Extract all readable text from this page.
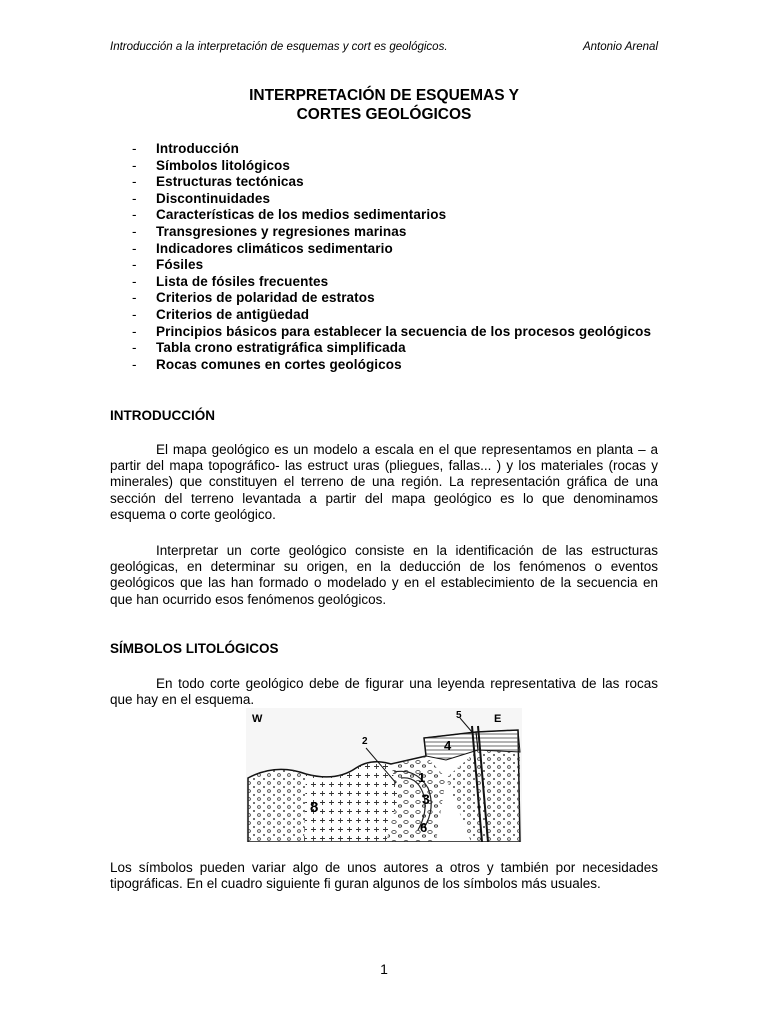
Introducción a la interpretación de esquemas y cort es geológicos.	Antonio Arenal
INTERPRETACIÓN DE ESQUEMAS Y
CORTES GEOLÓGICOS
- Introducción
- Símbolos litológicos
- Estructuras tectónicas
- Discontinuidades
- Características de los medios sedimentarios
- Transgresiones y regresiones marinas
- Indicadores climáticos sedimentario
- Fósiles
- Lista de fósiles frecuentes
- Criterios de polaridad de estratos
- Criterios de antigüedad
- Principios básicos para establecer la secuencia de los procesos geológicos
- Tabla crono estratigráfica simplificada
- Rocas comunes en cortes geológicos
INTRODUCCIÓN

El mapa geológico es un modelo a escala en el que representamos en planta – a partir del mapa topográfico- las estruct uras (pliegues, fallas... ) y los materiales (rocas y minerales) que constituyen el terreno de una región. La representación gráfica de una sección del terreno levantada a partir del mapa geológico es lo que denominamos esquema o corte geológico.

Interpretar un corte geológico consiste en la identificación de las estructuras geológicas, en determinar su origen, en la deducción de los fenómenos o eventos geológicos que las han formado o modelado y en el establecimiento de la secuencia en que han ocurrido esos fenómenos geológicos.

SÍMBOLOS LITOLÓGICOS

En todo corte geológico debe de figurar una leyenda representativa de las rocas que hay en el esquema.

W	E
5
2	4
1
3
6
8

Los símbolos pueden variar algo de unos autores a otros y también por necesidades tipográficas. En el cuadro siguiente fi guran algunos de los símbolos más usuales.

1
